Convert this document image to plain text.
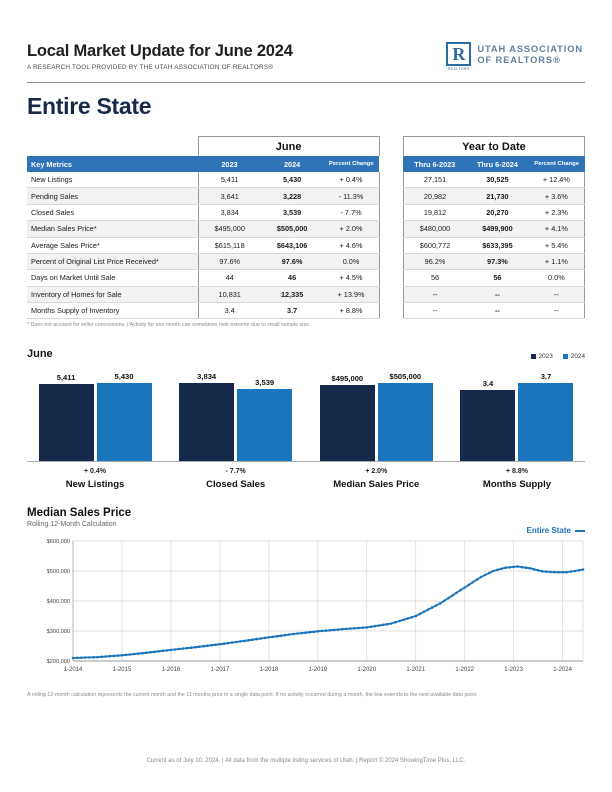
Local Market Update for June 2024
A RESEARCH TOOL PROVIDED BY THE UTAH ASSOCIATION OF REALTORS®
R
REALTOR®
UTAH ASSOCIATION
OF REALTORS®
Entire State
	June				Year to Date		
Key Metrics	2023	2024	Percent Change		Thru 6-2023	Thru 6-2024	Percent Change
New Listings	5,411	5,430	+ 0.4%		27,151	30,525	+ 12.4%
Pending Sales	3,641	3,228	- 11.3%		20,982	21,730	+ 3.6%
Closed Sales	3,834	3,539	- 7.7%		19,812	20,270	+ 2.3%
Median Sales Price*	$495,000	$505,000	+ 2.0%		$480,000	$499,900	+ 4.1%
Average Sales Price*	$615,118	$643,106	+ 4.6%		$600,772	$633,395	+ 5.4%
Percent of Original List Price Received*	97.6%	97.6%	0.0%		96.2%	97.3%	+ 1.1%
Days on Market Until Sale	44	46	+ 4.5%		56	56	0.0%
Inventory of Homes for Sale	10,831	12,335	+ 13.9%		--	--	--
Months Supply of Inventory	3.4	3.7	+ 8.8%		--	--	--
* Does not account for seller concessions. | Activity for one month can sometimes look extreme due to small sample size.
June	2023	2024
5,411	5,430	3,834
3,539	$495,000	$505,000
3.4
3.7
+ 0.4%
New Listings
- 7.7%
Closed Sales
+ 2.0%
Median Sales Price
+ 8.8%
Months Supply
Median Sales Price
Rolling 12-Month Calculation
Entire State
$200,000
$300,000
$400,000
$500,000
$600,000
1-2014	1-2015	1-2016	1-2017	1-2018	1-2019	1-2020	1-2021	1-2022	1-2023	1-2024
A rolling 12-month calculation represents the current month and the 11 months prior in a single data point. If no activity occurred during a month, the line extends to the next available data point.
Current as of July 10, 2024. | All data from the multiple listing services of Utah. | Report © 2024 ShowingTime Plus, LLC.
